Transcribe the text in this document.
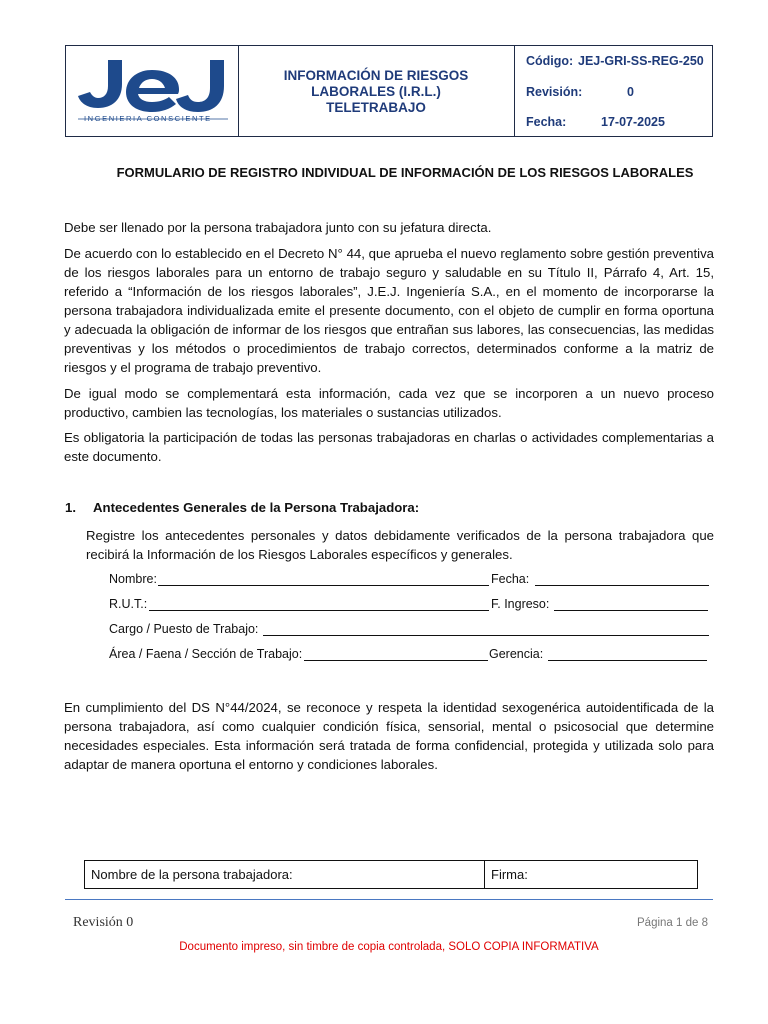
INGENIERIA CONSCIENTE
INFORMACIÓN DE RIESGOS
LABORALES (I.R.L.)
TELETRABAJO
Código: JEJ-GRI-SS-REG-250
Revisión:	0
Fecha:	17-07-2025
FORMULARIO DE REGISTRO INDIVIDUAL DE INFORMACIÓN DE LOS RIESGOS LABORALES
Debe ser llenado por la persona trabajadora junto con su jefatura directa.
De acuerdo con lo establecido en el Decreto N° 44, que aprueba el nuevo reglamento sobre gestión preventiva de los riesgos laborales para un entorno de trabajo seguro y saludable en su Título II, Párrafo 4, Art. 15, referido a “Información de los riesgos laborales”, J.E.J. Ingeniería S.A., en el momento de incorporarse la persona trabajadora individualizada emite el presente documento, con el objeto de cumplir en forma oportuna y adecuada la obligación de informar de los riesgos que entrañan sus labores, las consecuencias, las medidas preventivas y los métodos o procedimientos de trabajo correctos, determinados conforme a la matriz de riesgos y el programa de trabajo preventivo.
De igual modo se complementará esta información, cada vez que se incorporen a un nuevo proceso productivo, cambien las tecnologías, los materiales o sustancias utilizados.
Es obligatoria la participación de todas las personas trabajadoras en charlas o actividades complementarias a este documento.
1. Antecedentes Generales de la Persona Trabajadora:
Registre los antecedentes personales y datos debidamente verificados de la persona trabajadora que recibirá la Información de los Riesgos Laborales específicos y generales.
Nombre:	Fecha:
R.U.T.:	F. Ingreso:
Cargo / Puesto de Trabajo:
Área / Faena / Sección de Trabajo:	Gerencia:
En cumplimiento del DS N°44/2024, se reconoce y respeta la identidad sexogenérica autoidentificada de la persona trabajadora, así como cualquier condición física, sensorial, mental o psicosocial que determine necesidades especiales. Esta información será tratada de forma confidencial, protegida y utilizada solo para adaptar de manera oportuna el entorno y condiciones laborales.
Nombre de la persona trabajadora:	Firma:
Revisión 0	Página 1 de 8
Documento impreso, sin timbre de copia controlada, SOLO COPIA INFORMATIVA
